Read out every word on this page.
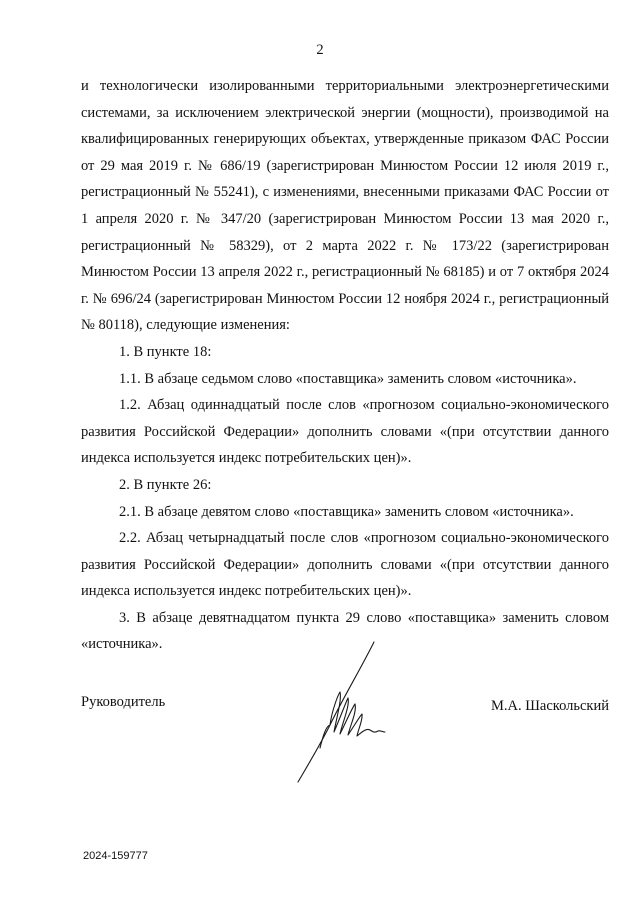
2

и технологически изолированными территориальными электроэнергетическими системами, за исключением электрической энергии (мощности), производимой на квалифицированных генерирующих объектах, утвержденные приказом ФАС России от 29 мая 2019 г. № 686/19 (зарегистрирован Минюстом России 12 июля 2019 г., регистрационный № 55241), с изменениями, внесенными приказами ФАС России от 1 апреля 2020 г. № 347/20 (зарегистрирован Минюстом России 13 мая 2020 г., регистрационный № 58329), от 2 марта 2022 г. № 173/22 (зарегистрирован Минюстом России 13 апреля 2022 г., регистрационный № 68185) и от 7 октября 2024 г. № 696/24 (зарегистрирован Минюстом России 12 ноября 2024 г., регистрационный № 80118), следующие изменения:

1. В пункте 18:

1.1. В абзаце седьмом слово «поставщика» заменить словом «источника».

1.2. Абзац одиннадцатый после слов «прогнозом социально-экономического развития Российской Федерации» дополнить словами «(при отсутствии данного индекса используется индекс потребительских цен)».

2. В пункте 26:

2.1. В абзаце девятом слово «поставщика» заменить словом «источника».

2.2. Абзац четырнадцатый после слов «прогнозом социально-экономического развития Российской Федерации» дополнить словами «(при отсутствии данного индекса используется индекс потребительских цен)».

3. В абзаце девятнадцатом пункта 29 слово «поставщика» заменить словом «источника».

Руководитель	М.А. Шаскольский
2024-159777
